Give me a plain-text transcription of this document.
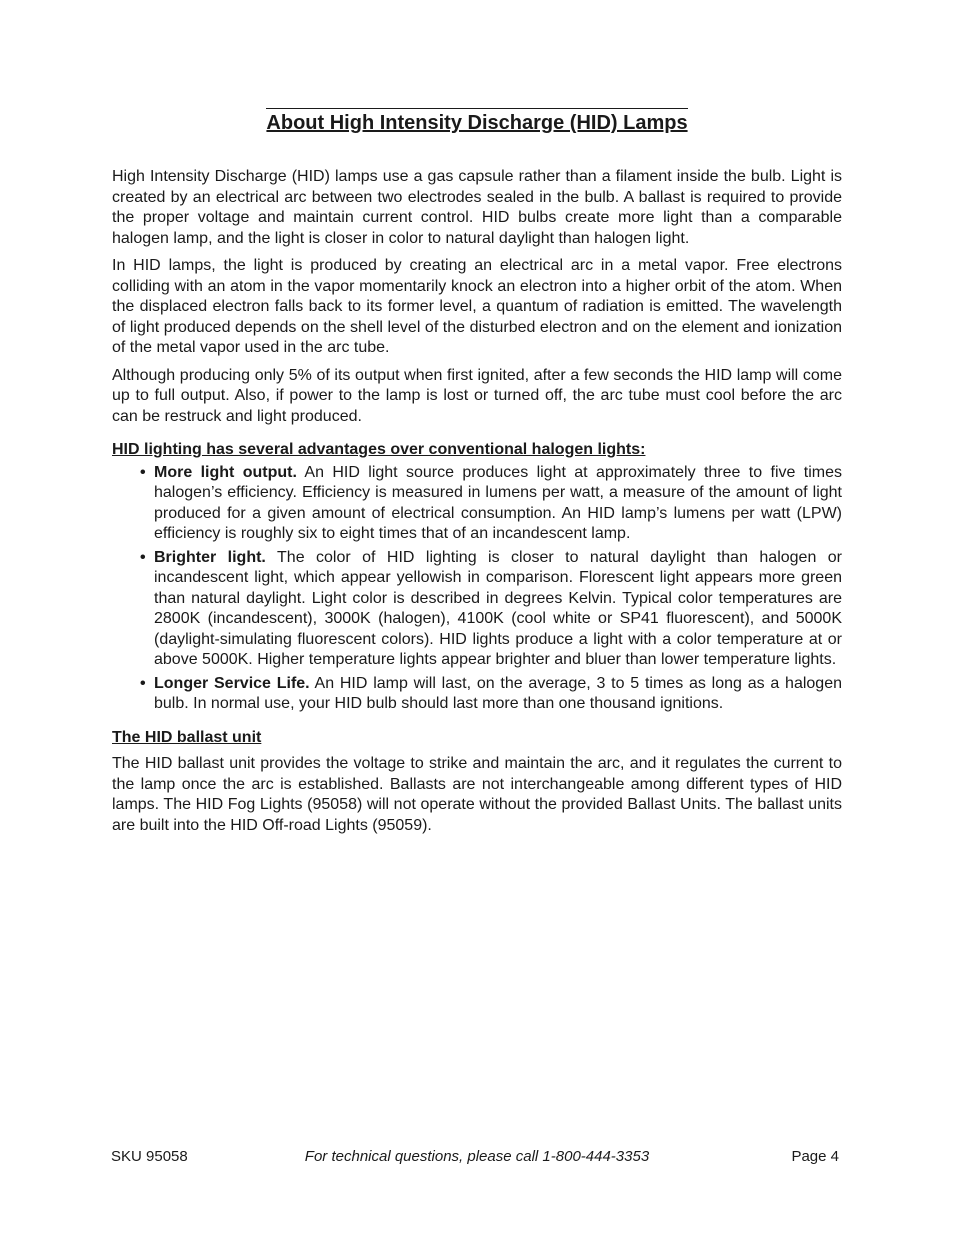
About High Intensity Discharge (HID) Lamps

High Intensity Discharge (HID) lamps use a gas capsule rather than a filament inside the bulb. Light is created by an electrical arc between two electrodes sealed in the bulb. A ballast is required to provide the proper voltage and maintain current control. HID bulbs create more light than a comparable halogen lamp, and the light is closer in color to natural daylight than halogen light.

In HID lamps, the light is produced by creating an electrical arc in a metal vapor. Free electrons colliding with an atom in the vapor momentarily knock an electron into a higher orbit of the atom. When the displaced electron falls back to its former level, a quantum of radiation is emitted. The wavelength of light produced depends on the shell level of the disturbed electron and on the element and ionization of the metal vapor used in the arc tube.

Although producing only 5% of its output when first ignited, after a few seconds the HID lamp will come up to full output. Also, if power to the lamp is lost or turned off, the arc tube must cool before the arc can be restruck and light produced.

HID lighting has several advantages over conventional halogen lights:
• More light output. An HID light source produces light at approximately three to five times halogen’s efficiency. Efficiency is measured in lumens per watt, a measure of the amount of light produced for a given amount of electrical consumption. An HID lamp’s lumens per watt (LPW) efficiency is roughly six to eight times that of an incandescent lamp.
• Brighter light. The color of HID lighting is closer to natural daylight than halogen or incandescent light, which appear yellowish in comparison. Florescent light appears more green than natural daylight. Light color is described in degrees Kelvin. Typical color temperatures are 2800K (incandescent), 3000K (halogen), 4100K (cool white or SP41 fluorescent), and 5000K (daylight-simulating fluorescent colors). HID lights produce a light with a color temperature at or above 5000K. Higher temperature lights appear brighter and bluer than lower temperature lights.
• Longer Service Life. An HID lamp will last, on the average, 3 to 5 times as long as a halogen bulb. In normal use, your HID bulb should last more than one thousand ignitions.
The HID ballast unit

The HID ballast unit provides the voltage to strike and maintain the arc, and it regulates the current to the lamp once the arc is established. Ballasts are not interchangeable among different types of HID lamps. The HID Fog Lights (95058) will not operate without the provided Ballast Units. The ballast units are built into the HID Off-road Lights (95059).

For technical questions, please call 1-800-444-3353
SKU 95058	Page 4
